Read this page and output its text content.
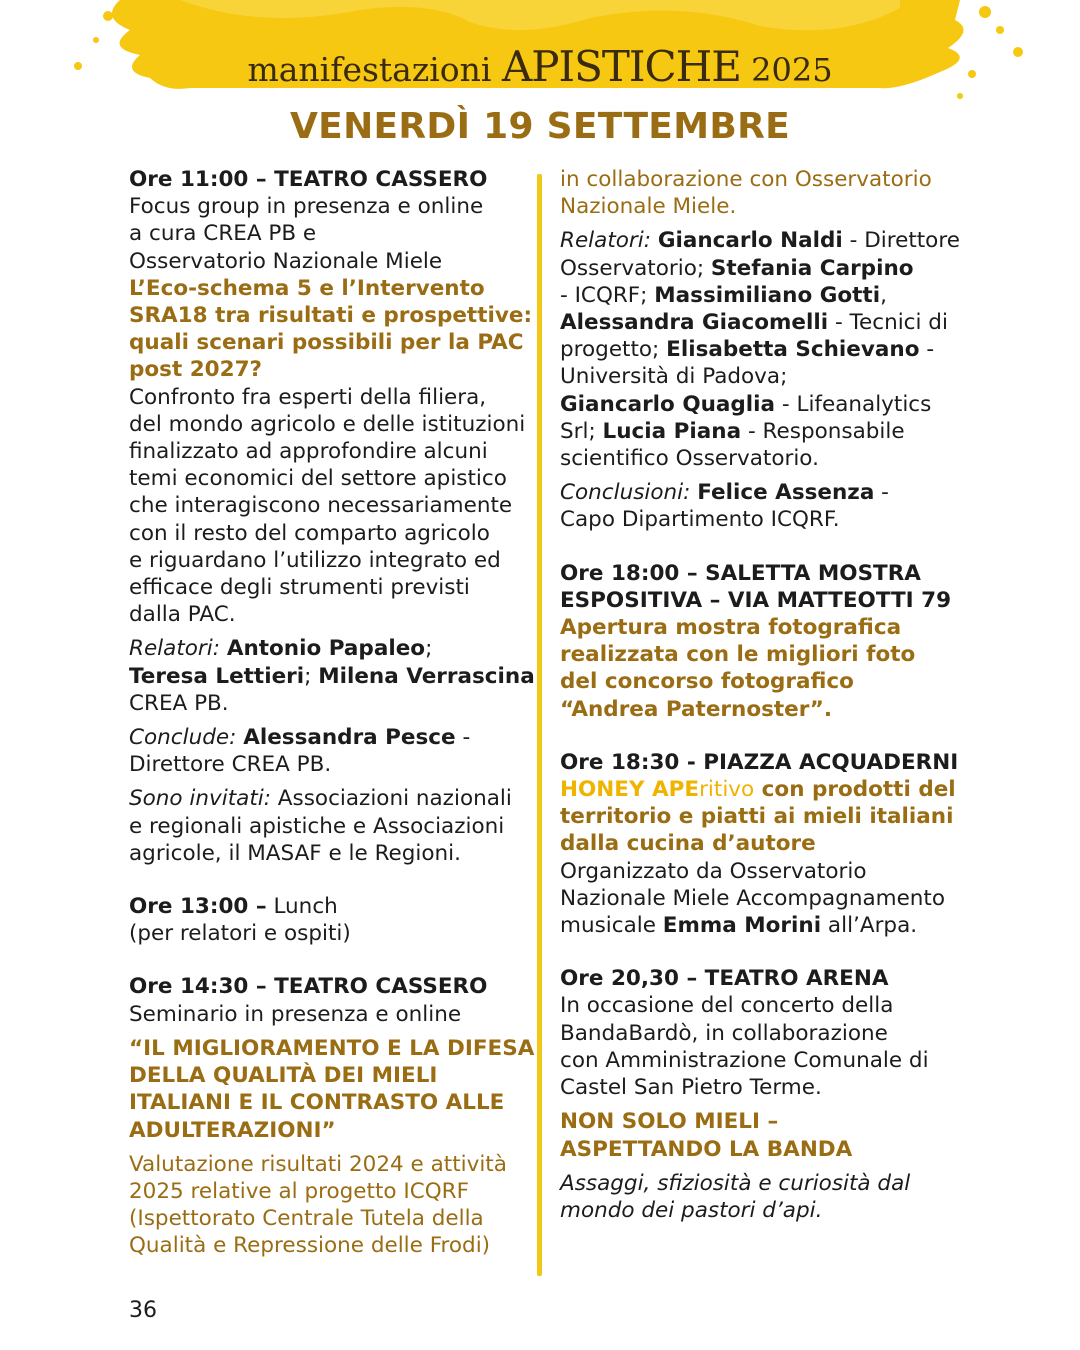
manifestazioni APISTICHE 2025
VENERDÌ 19 SETTEMBRE
Ore 11:00 – TEATRO CASSERO
Focus group in presenza e online
a cura CREA PB e
Osservatorio Nazionale Miele
L’Eco-schema 5 e l’Intervento
SRA18 tra risultati e prospettive:
quali scenari possibili per la PAC
post 2027?
Confronto fra esperti della filiera,
del mondo agricolo e delle istituzioni
finalizzato ad approfondire alcuni
temi economici del settore apistico
che interagiscono necessariamente
con il resto del comparto agricolo
e riguardano l’utilizzo integrato ed
efficace degli strumenti previsti
dalla PAC.
Relatori: Antonio Papaleo;
Teresa Lettieri; Milena Verrascina
CREA PB.
Conclude: Alessandra Pesce -
Direttore CREA PB.
Sono invitati: Associazioni nazionali
e regionali apistiche e Associazioni
agricole, il MASAF e le Regioni.
Ore 13:00 – Lunch
(per relatori e ospiti)
Ore 14:30 – TEATRO CASSERO
Seminario in presenza e online
“IL MIGLIORAMENTO E LA DIFESA
DELLA QUALITÀ DEI MIELI
ITALIANI E IL CONTRASTO ALLE
ADULTERAZIONI”
Valutazione risultati 2024 e attività
2025 relative al progetto ICQRF
(Ispettorato Centrale Tutela della
Qualità e Repressione delle Frodi)
in collaborazione con Osservatorio
Nazionale Miele.
Relatori: Giancarlo Naldi - Direttore
Osservatorio; Stefania Carpino
- ICQRF; Massimiliano Gotti,
Alessandra Giacomelli - Tecnici di
progetto; Elisabetta Schievano -
Università di Padova;
Giancarlo Quaglia - Lifeanalytics
Srl; Lucia Piana - Responsabile
scientifico Osservatorio.
Conclusioni: Felice Assenza -
Capo Dipartimento ICQRF.
Ore 18:00 – SALETTA MOSTRA
ESPOSITIVA – VIA MATTEOTTI 79
Apertura mostra fotografica
realizzata con le migliori foto
del concorso fotografico
“Andrea Paternoster”.
Ore 18:30 - PIAZZA ACQUADERNI
HONEY APEritivo con prodotti del
territorio e piatti ai mieli italiani
dalla cucina d’autore
Organizzato da Osservatorio
Nazionale Miele Accompagnamento
musicale Emma Morini all’Arpa.
Ore 20,30 – TEATRO ARENA
In occasione del concerto della
BandaBardò, in collaborazione
con Amministrazione Comunale di
Castel San Pietro Terme.
NON SOLO MIELI –
ASPETTANDO LA BANDA
Assaggi, sfiziosità e curiosità dal
mondo dei pastori d’api.
36
